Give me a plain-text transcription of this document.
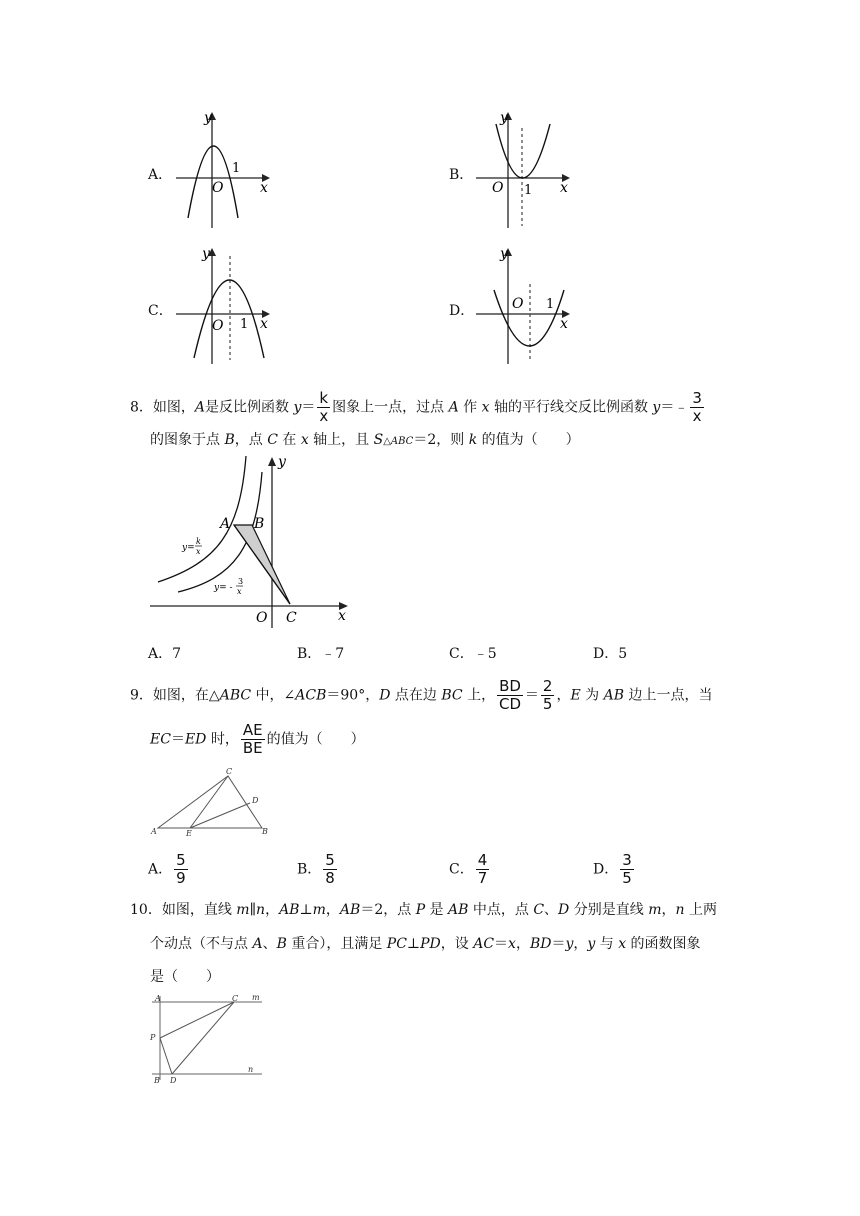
A．
y
x
O
1	B．
y
x
O 1
C．
y
x
O 1
D．
y
x
O 1
8．如图，A是反比例函数 $y= \frac{k}{x}$ 图象上一点，过点 A 作 x 轴的平行线交反比例函数 y＝﹣ $\frac{3}{x}$
的图象于点 B，点 C 在 x 轴上，且 S△ABC＝2，则 k 的值为（　　）
A B
C
O	x
y
y=
k
x
y= -
3
x
A．7	B．﹣7	C．﹣5	D．5
9．如图，在△ABC 中，∠ACB＝90°，D 点在边 BC 上， $\frac{BD}{CD} = \frac{2}{5}$ ，E 为 AB 边上一点，当
EC＝ED 时， $\frac{AE}{BE}$ 的值为（　　）
A	B
C
D
E
A． $\frac{5}{9}$	B． $\frac{5}{8}$	C． $\frac{4}{7}$	D． $\frac{3}{5}$
10．如图，直线 m∥n，AB⊥m，AB＝2，点 P 是 AB 中点，点 C、D 分别是直线 m，n 上两
个动点（不与点 A、B 重合），且满足 PC⊥PD，设 AC＝x，BD＝y，y 与 x 的函数图象
是（　　）
A
P
B D
C m
n
